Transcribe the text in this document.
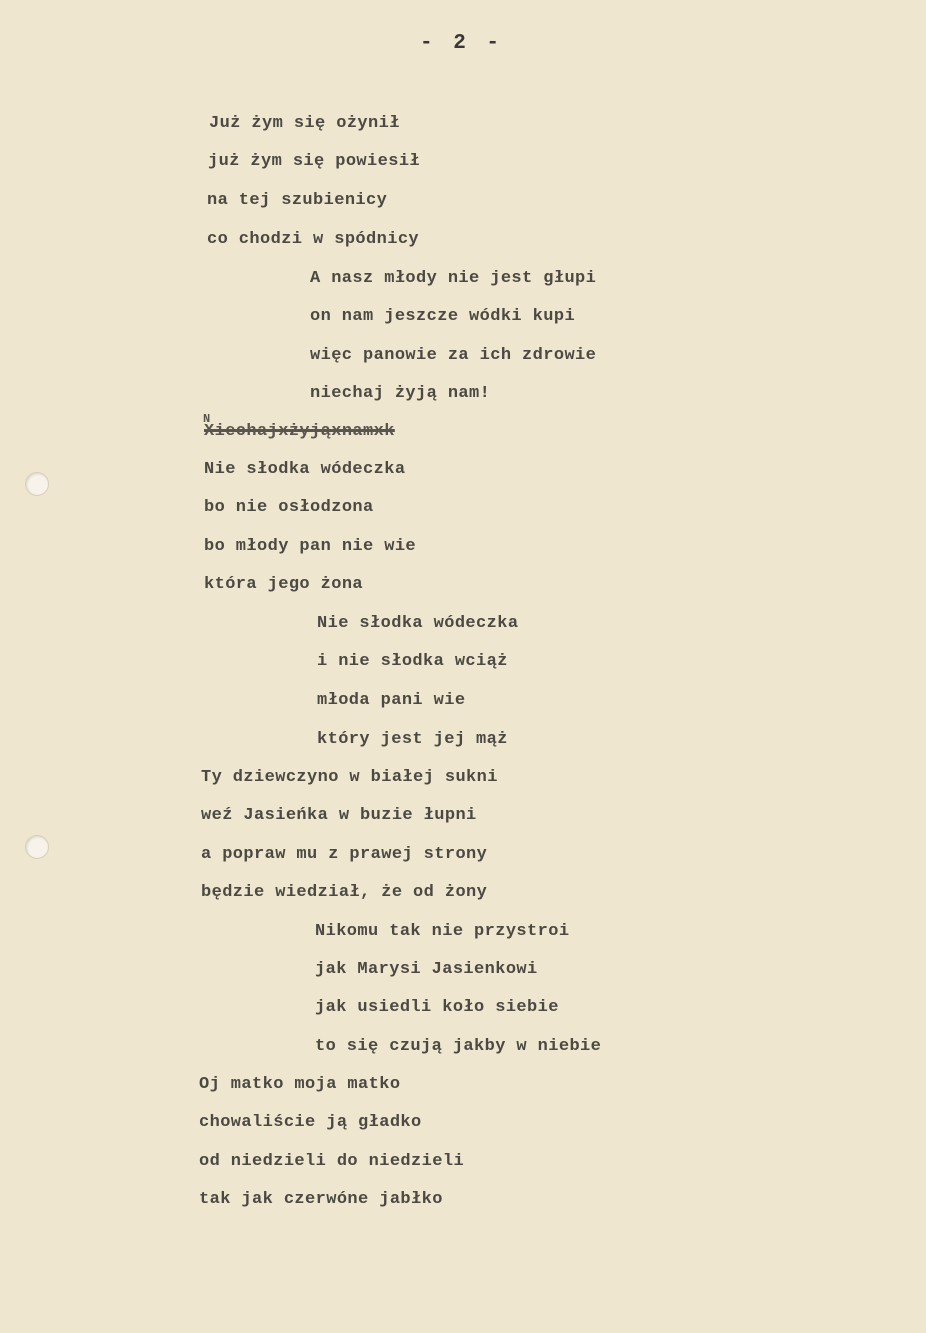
- 2 -
N
Już żym się ożynił
już żym się powiesił
na tej szubienicy
co chodzi w spódnicy
A nasz młody nie jest głupi
on nam jeszcze wódki kupi
więc panowie za ich zdrowie
niechaj żyją nam!
Xiechajxżyjąxnamxk
Nie słodka wódeczka
bo nie osłodzona
bo młody pan nie wie
która jego żona
Nie słodka wódeczka
i nie słodka wciąż
młoda pani wie
który jest jej mąż
Ty dziewczyno w białej sukni
weź Jasieńka w buzie łupni
a popraw mu z prawej strony
będzie wiedział, że od żony
Nikomu tak nie przystroi
jak Marysi Jasienkowi
jak usiedli koło siebie
to się czują jakby w niebie
Oj matko moja matko
chowaliście ją gładko
od niedzieli do niedzieli
tak jak czerwóne jabłko
